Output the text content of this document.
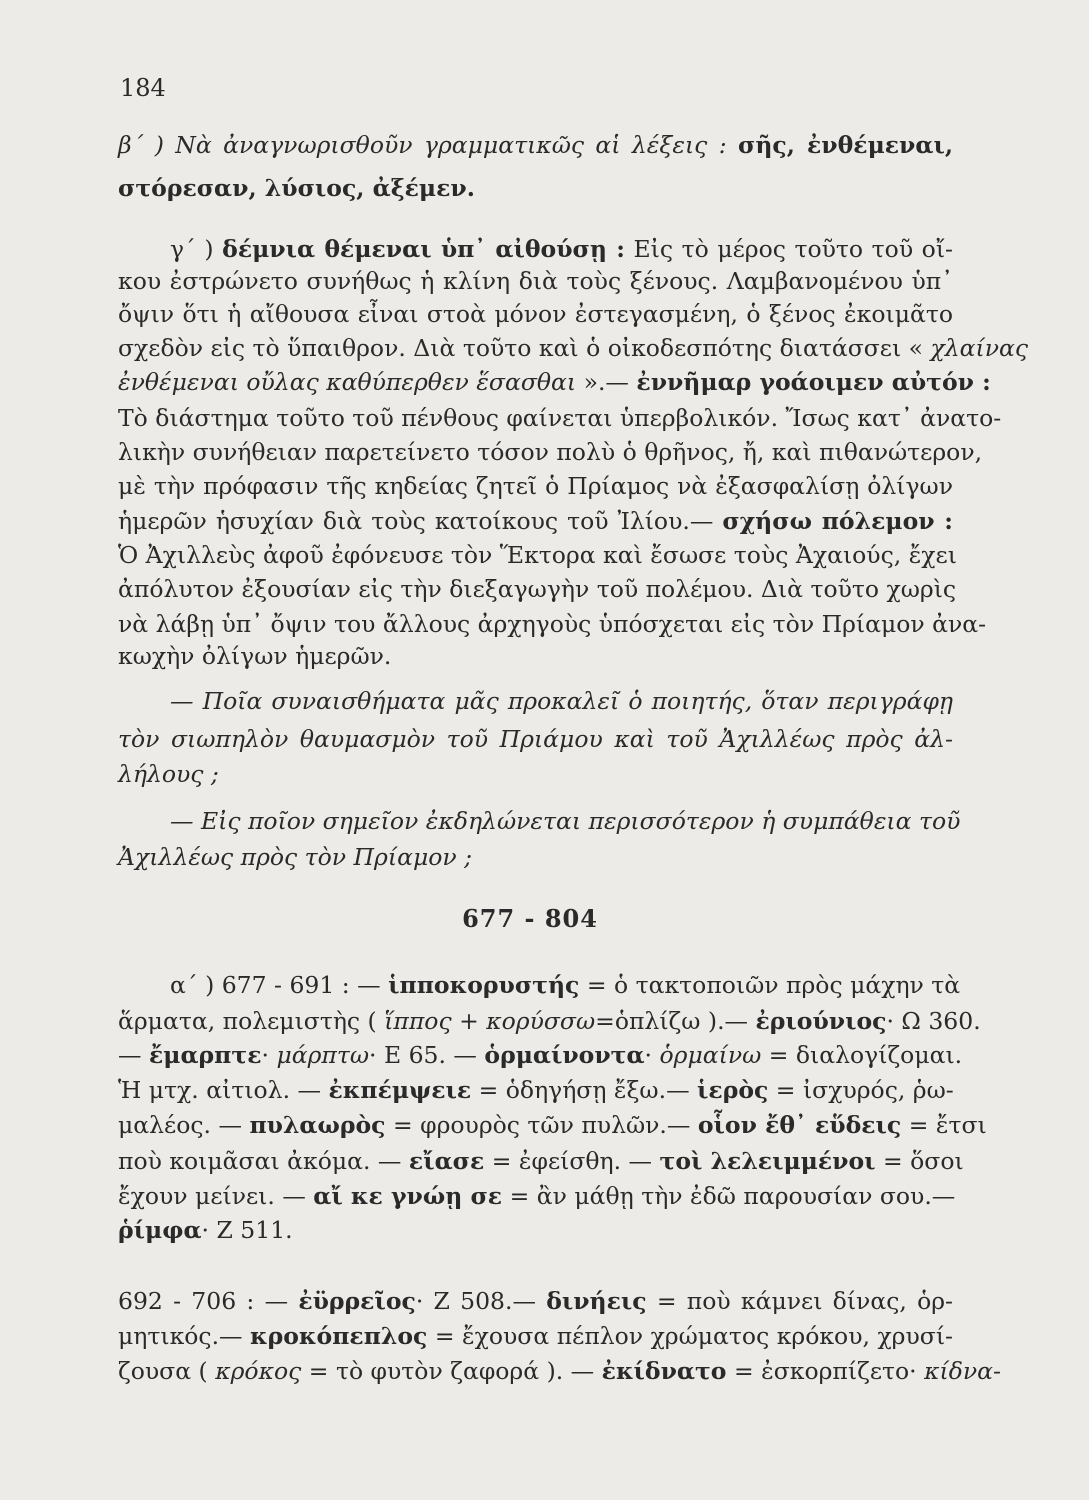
184

β΄ ) Νὰ ἀναγνωρισθοῦν γραμματικῶς αἱ λέξεις : σῆς, ἐνθέμεναι,

στόρεσαν, λύσιος, ἀξέμεν.

γ΄ ) δέμνια θέμεναι ὑπ᾽ αἰθούσῃ : Εἰς τὸ μέρος τοῦτο τοῦ οἴ-

κου ἐστρώνετο συνήθως ἡ κλίνη διὰ τοὺς ξένους. Λαμβανομένου ὑπ᾽

ὄψιν ὅτι ἡ αἴθουσα εἶναι στοὰ μόνον ἐστεγασμένη, ὁ ξένος ἐκοιμᾶτο

σχεδὸν εἰς τὸ ὕπαιθρον. Διὰ τοῦτο καὶ ὁ οἰκοδεσπότης διατάσσει « χλαίνας

ἐνθέμεναι οὔλας καθύπερθεν ἕσασθαι ».— ἐννῆμαρ γοάοιμεν αὐτόν :

Τὸ διάστημα τοῦτο τοῦ πένθους φαίνεται ὑπερβολικόν. Ἴσως κατ᾽ ἀνατο-

λικὴν συνήθειαν παρετείνετο τόσον πολὺ ὁ θρῆνος, ἤ, καὶ πιθανώτερον,

μὲ τὴν πρόφασιν τῆς κηδείας ζητεῖ ὁ Πρίαμος νὰ ἐξασφαλίσῃ ὀλίγων

ἡμερῶν ἡσυχίαν διὰ τοὺς κατοίκους τοῦ Ἰλίου.— σχήσω πόλεμον :

Ὁ Ἀχιλλεὺς ἀφοῦ ἐφόνευσε τὸν Ἕκτορα καὶ ἔσωσε τοὺς Ἀχαιούς, ἔχει

ἀπόλυτον ἐξουσίαν εἰς τὴν διεξαγωγὴν τοῦ πολέμου. Διὰ τοῦτο χωρὶς

νὰ λάβῃ ὑπ᾽ ὄψιν του ἄλλους ἀρχηγοὺς ὑπόσχεται εἰς τὸν Πρίαμον ἀνα-

κωχὴν ὀλίγων ἡμερῶν.

— Ποῖα συναισθήματα μᾶς προκαλεῖ ὁ ποιητής, ὅταν περιγράφῃ

τὸν σιωπηλὸν θαυμασμὸν τοῦ Πριάμου καὶ τοῦ Ἀχιλλέως πρὸς ἀλ-

λήλους ;

— Εἰς ποῖον σημεῖον ἐκδηλώνεται περισσότερον ἡ συμπάθεια τοῦ

Ἀχιλλέως πρὸς τὸν Πρίαμον ;

677 - 804

α΄ ) 677 - 691 : — ἱπποκορυστής = ὁ τακτοποιῶν πρὸς μάχην τὰ

ἅρματα, πολεμιστὴς ( ἵππος + κορύσσω=ὁπλίζω ).— ἐριούνιος· Ω 360.

— ἔμαρπτε· μάρπτω· Ε 65. — ὁρμαίνοντα· ὁρμαίνω = διαλογίζομαι.

Ἡ μτχ. αἰτιολ. — ἐκπέμψειε = ὁδηγήσῃ ἔξω.— ἱερὸς = ἰσχυρός, ῥω-

μαλέος. — πυλαωρὸς = φρουρὸς τῶν πυλῶν.— οἷον ἔθ᾽ εὕδεις = ἔτσι

ποὺ κοιμᾶσαι ἀκόμα. — εἴασε = ἐφείσθη. — τοὶ λελειμμένοι = ὅσοι

ἔχουν μείνει. — αἴ κε γνώῃ σε = ἂν μάθῃ τὴν ἐδῶ παρουσίαν σου.—

ῥίμφα· Ζ 511.

692 - 706 : — ἐϋρρεῖος· Ζ 508.— δινήεις = ποὺ κάμνει δίνας, ὁρ-

μητικός.— κροκόπεπλος = ἔχουσα πέπλον χρώματος κρόκου, χρυσί-

ζουσα ( κρόκος = τὸ φυτὸν ζαφορά ). — ἐκίδνατο = ἐσκορπίζετο· κίδνα-
